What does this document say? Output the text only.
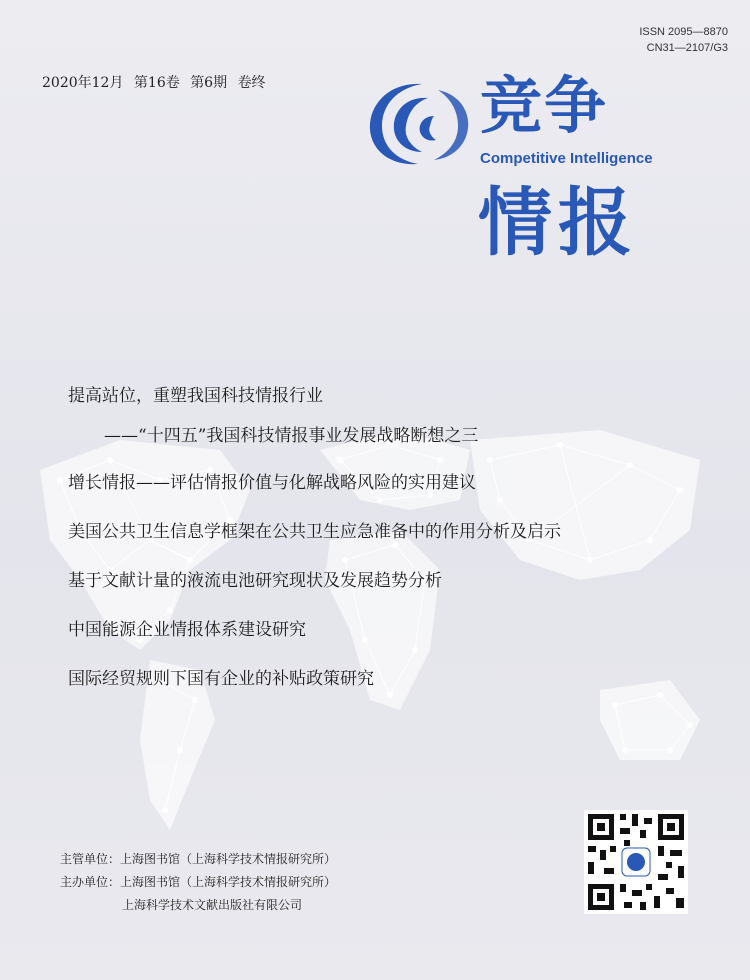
ISSN 2095—8870
CN31—2107/G3
2020年12月 第16卷 第6期 卷终	竞争
Competitive Intelligence
情报
提高站位，重塑我国科技情报行业
——“十四五”我国科技情报事业发展战略断想之三
增长情报——评估情报价值与化解战略风险的实用建议
美国公共卫生信息学框架在公共卫生应急准备中的作用分析及启示
基于文献计量的液流电池研究现状及发展趋势分析
中国能源企业情报体系建设研究
国际经贸规则下国有企业的补贴政策研究
主管单位：上海图书馆（上海科学技术情报研究所）
主办单位：上海图书馆（上海科学技术情报研究所）
上海科学技术文献出版社有限公司
